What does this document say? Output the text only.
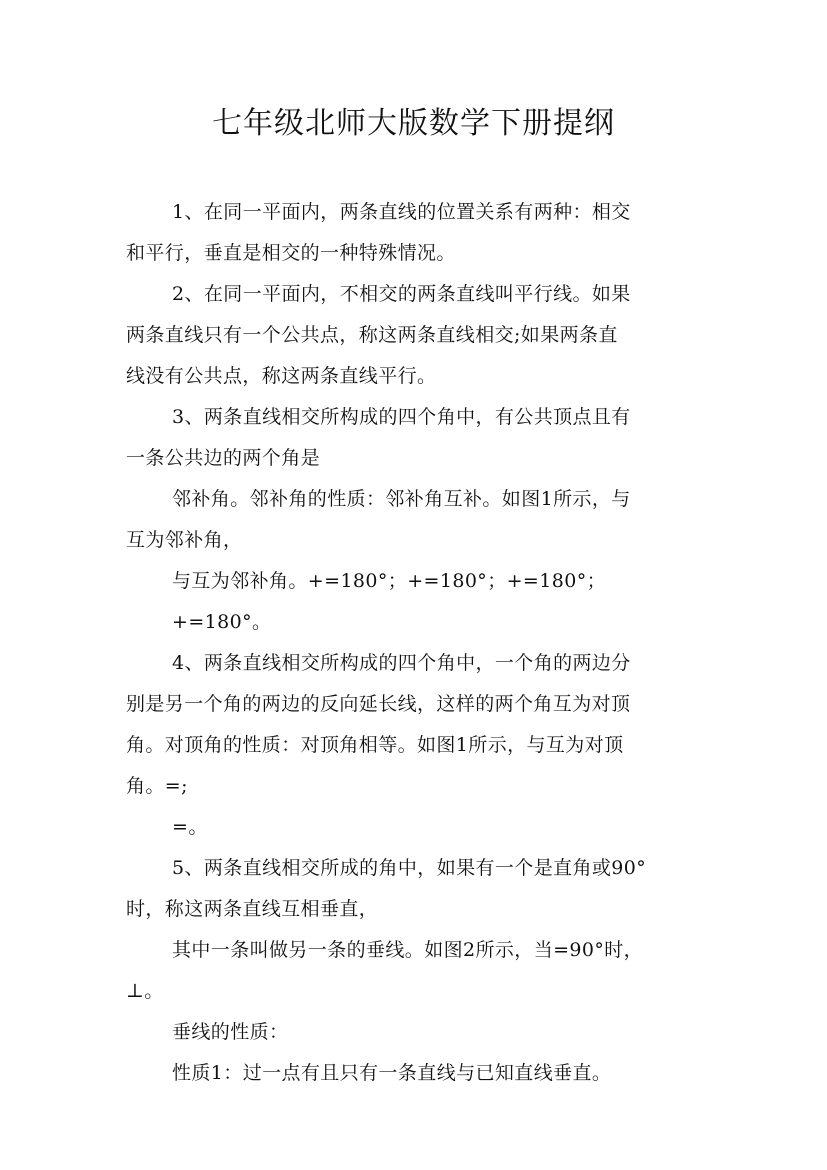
七年级北师大版数学下册提纲
1、在同一平面内，两条直线的位置关系有两种：相交
和平行，垂直是相交的一种特殊情况。
2、在同一平面内，不相交的两条直线叫平行线。如果
两条直线只有一个公共点，称这两条直线相交;如果两条直
线没有公共点，称这两条直线平行。
3、两条直线相交所构成的四个角中，有公共顶点且有
一条公共边的两个角是
邻补角。邻补角的性质：邻补角互补。如图1所示，与
互为邻补角，
与互为邻补角。+=180°；+=180°；+=180°；
+=180°。
4、两条直线相交所构成的四个角中，一个角的两边分
别是另一个角的两边的反向延长线，这样的两个角互为对顶
角。对顶角的性质：对顶角相等。如图1所示，与互为对顶
角。=;
=。
5、两条直线相交所成的角中，如果有一个是直角或90°
时，称这两条直线互相垂直，
其中一条叫做另一条的垂线。如图2所示，当=90°时，
⊥。
垂线的性质：
性质1：过一点有且只有一条直线与已知直线垂直。
